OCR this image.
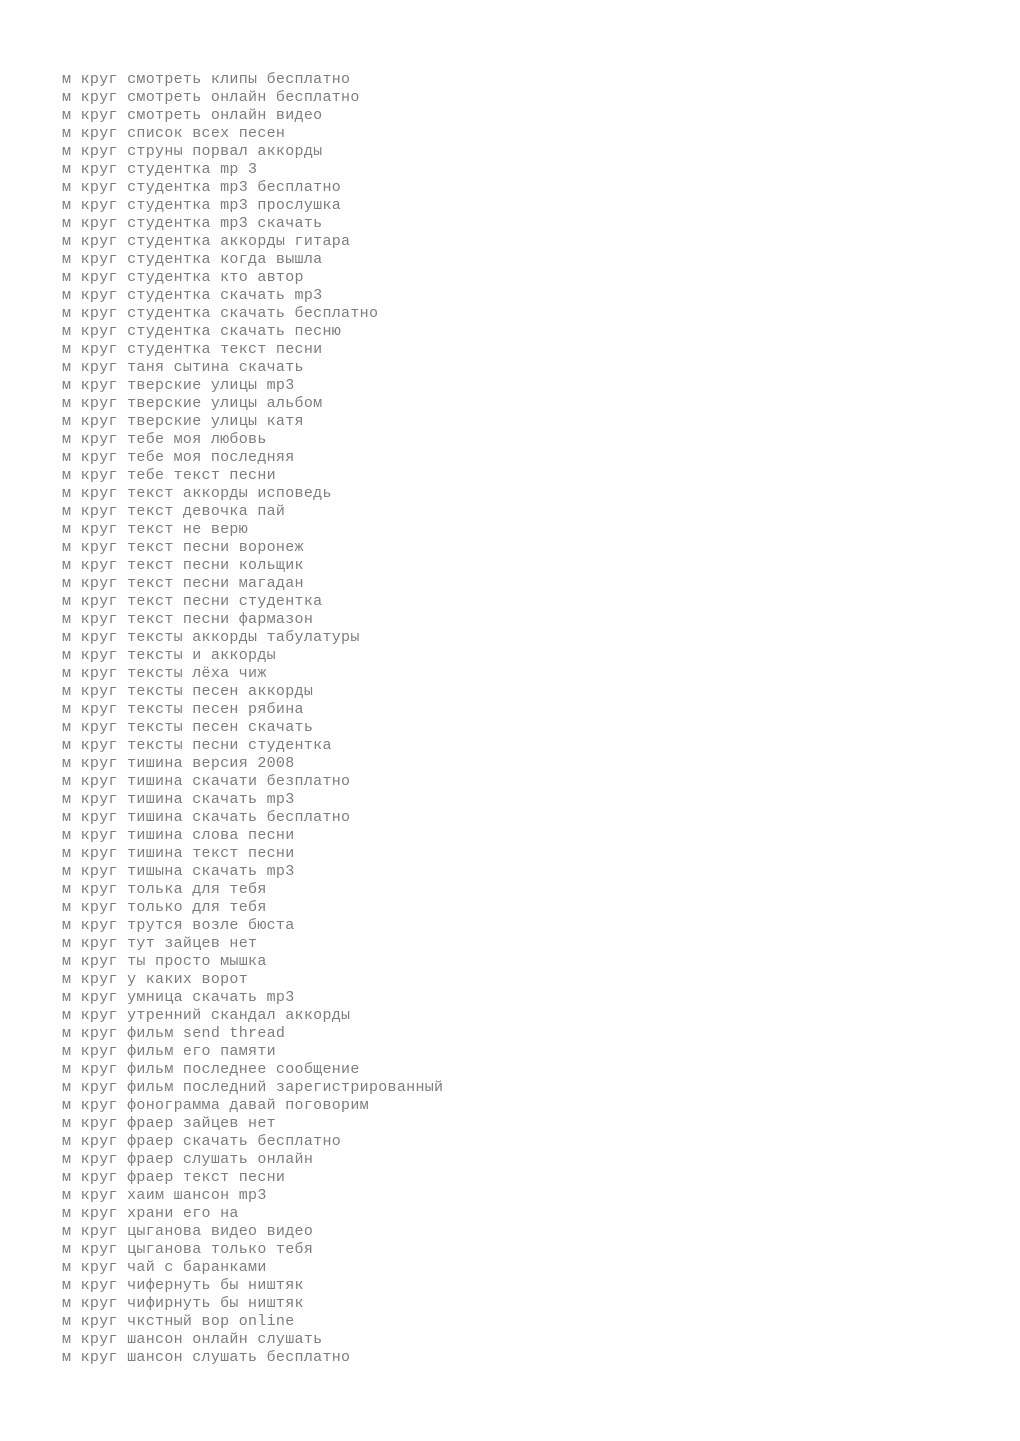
м круг смотреть клипы бесплатно
м круг смотреть онлайн бесплатно
м круг смотреть онлайн видео
м круг список всех песен
м круг струны порвал аккорды
м круг студентка mp 3
м круг студентка mp3 бесплатно
м круг студентка mp3 прослушка
м круг студентка mp3 скачать
м круг студентка аккорды гитара
м круг студентка когда вышла
м круг студентка кто автор
м круг студентка скачать mp3
м круг студентка скачать бесплатно
м круг студентка скачать песню
м круг студентка текст песни
м круг таня сытина скачать
м круг тверские улицы mp3
м круг тверские улицы альбом
м круг тверские улицы катя
м круг тебе моя любовь
м круг тебе моя последняя
м круг тебе текст песни
м круг текст аккорды исповедь
м круг текст девочка пай
м круг текст не верю
м круг текст песни воронеж
м круг текст песни кольщик
м круг текст песни магадан
м круг текст песни студентка
м круг текст песни фармазон
м круг тексты аккорды табулатуры
м круг тексты и аккорды
м круг тексты лёха чиж
м круг тексты песен аккорды
м круг тексты песен рябина
м круг тексты песен скачать
м круг тексты песни студентка
м круг тишина версия 2008
м круг тишина скачати безплатно
м круг тишина скачать mp3
м круг тишина скачать бесплатно
м круг тишина слова песни
м круг тишина текст песни
м круг тишына скачать mp3
м круг толька для тебя
м круг только для тебя
м круг трутся возле бюста
м круг тут зайцев нет
м круг ты просто мышка
м круг у каких ворот
м круг умница скачать mp3
м круг утренний скандал аккорды
м круг фильм send thread
м круг фильм его памяти
м круг фильм последнее сообщение
м круг фильм последний зарегистрированный
м круг фонограмма давай поговорим
м круг фраер зайцев нет
м круг фраер скачать бесплатно
м круг фраер слушать онлайн
м круг фраер текст песни
м круг хаим шансон mp3
м круг храни его на
м круг цыганова видео видео
м круг цыганова только тебя
м круг чай с баранками
м круг чифернуть бы ништяк
м круг чифирнуть бы ништяк
м круг чкстный вор online
м круг шансон онлайн слушать
м круг шансон слушать бесплатно
